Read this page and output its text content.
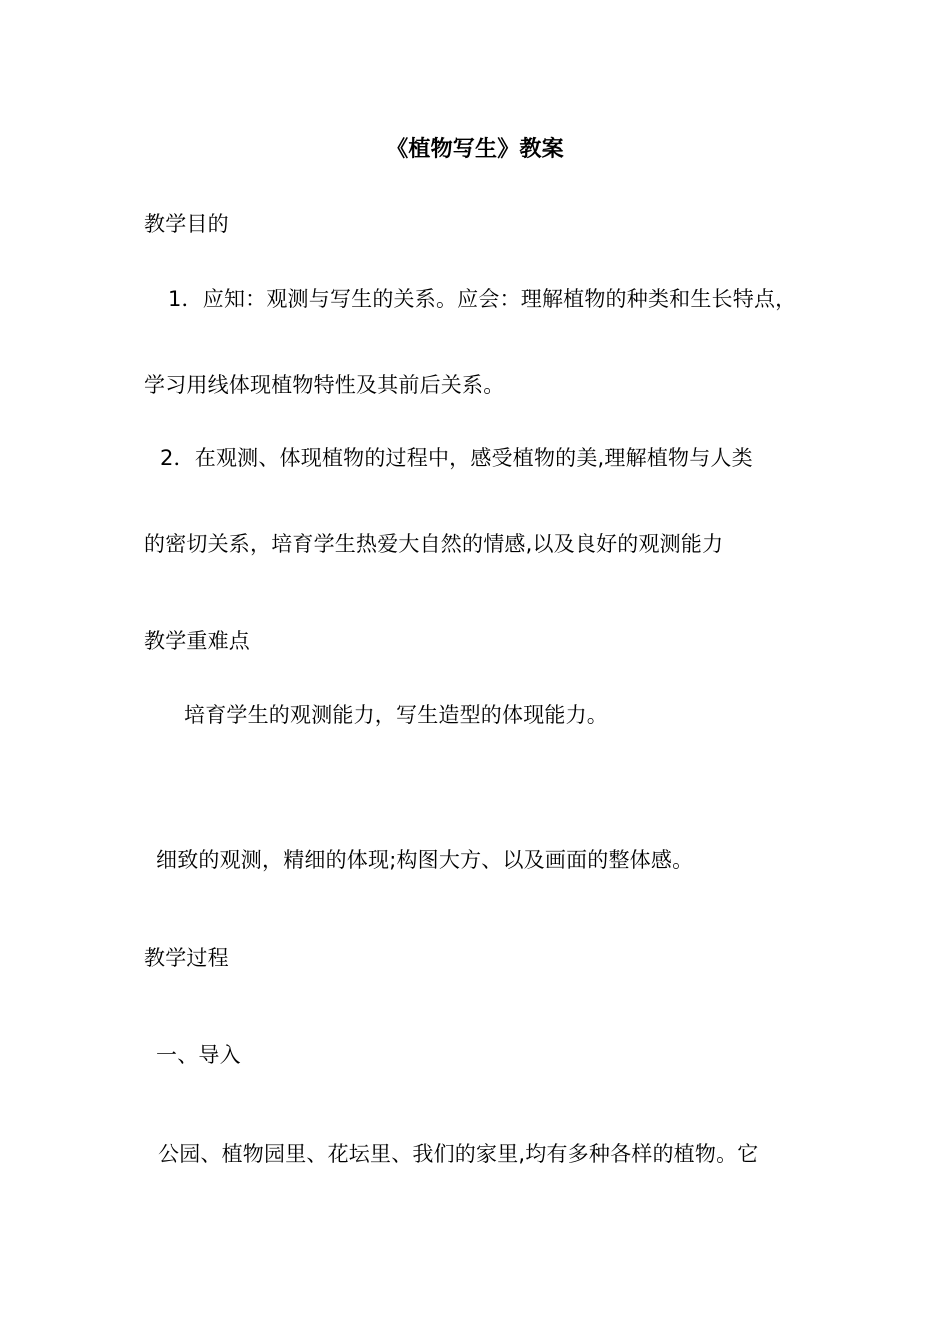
《植物写生》教案
教学目的
1．应知：观测与写生的关系。应会：理解植物的种类和生长特点，
学习用线体现植物特性及其前后关系。
2．在观测、体现植物的过程中，感受植物的美,理解植物与人类
的密切关系，培育学生热爱大自然的情感,以及良好的观测能力
教学重难点
培育学生的观测能力，写生造型的体现能力。
细致的观测，精细的体现;构图大方、以及画面的整体感。
教学过程
一、导入
公园、植物园里、花坛里、我们的家里,均有多种各样的植物。它
